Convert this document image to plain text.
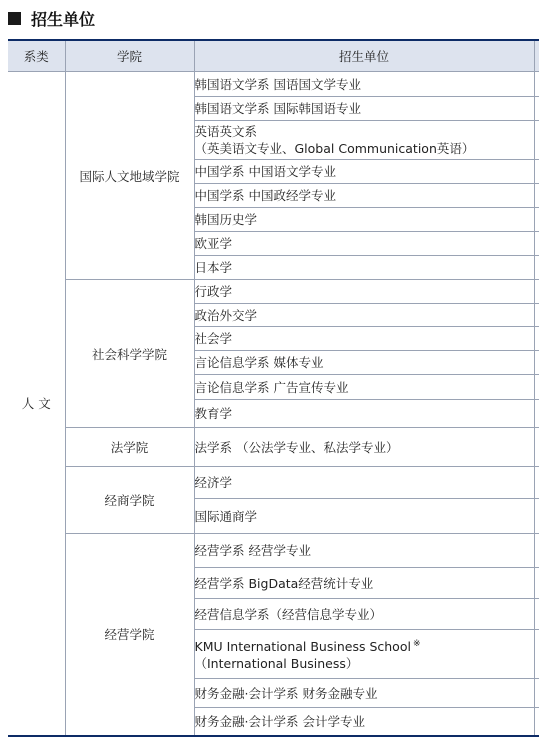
招生单位
系类	学院	招生单位	
人 文	国际人文地域学院	韩国语文学系 国语国文学专业	
		韩国语文学系 国际韩国语专业	

		英语英文系
（英美语文专业、Global Communication英语）	

		中国学系 中国语文学专业	
		中国学系 中国政经学专业	
		韩国历史学	
		欧亚学	
		日本学	
	社会科学学院	行政学	
		政治外交学	
		社会学	
		言论信息学系 媒体专业	
		言论信息学系 广告宣传专业	
		教育学	
	法学院	法学系 （公法学专业、私法学专业）	
	经商学院	经济学	
		国际通商学	
	经营学院	经营学系 经营学专业	
		经营学系 BigData经营统计专业	
		经营信息学系（经营信息学专业）	

		KMU International Business School ※
（International Business）	

		财务金融·会计学系 财务金融专业	
		财务金融·会计学系 会计学专业	
